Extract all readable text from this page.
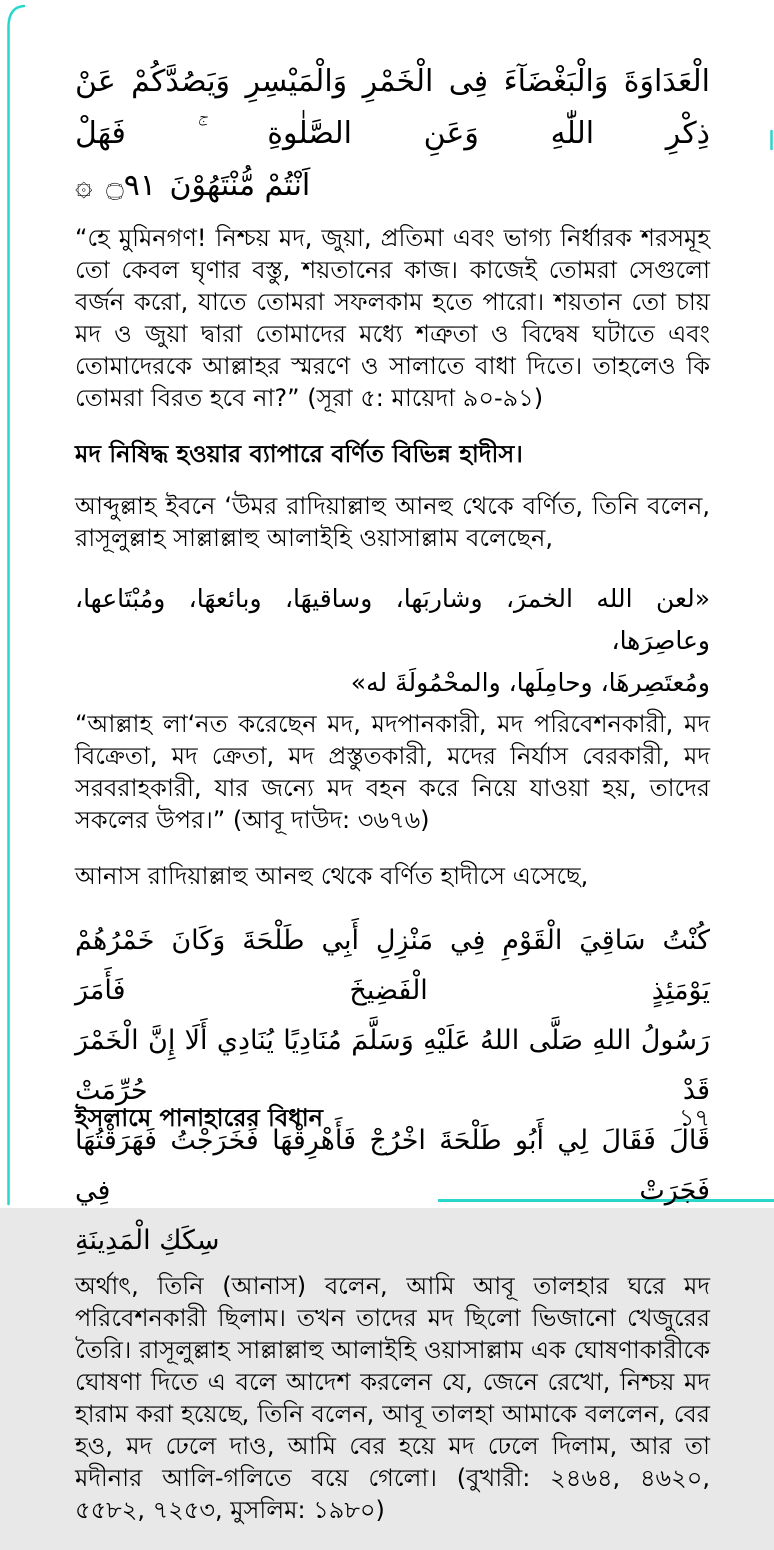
الْعَدَاوَةَ وَالْبَغْضَآءَ فِى الْخَمْرِ وَالْمَيْسِرِ وَيَصُدَّكُمْ عَنْ ذِكْرِ اللّٰهِ وَعَنِ الصَّلٰوةِ ۚ فَهَلْ
اَنْتُمْ مُّنْتَهُوْنَ ۝٩١ ۞

“হে মুমিনগণ! নিশ্চয় মদ, জুয়া, প্রতিমা এবং ভাগ্য নির্ধারক শরসমূহ তো কেবল ঘৃণার বস্তু, শয়তানের কাজ। কাজেই তোমরা সেগুলো বর্জন করো, যাতে তোমরা সফলকাম হতে পারো। শয়তান তো চায় মদ ও জুয়া দ্বারা তোমাদের মধ্যে শত্রুতা ও বিদ্বেষ ঘটাতে এবং তোমাদেরকে আল্লাহর স্মরণে ও সালাতে বাধা দিতে। তাহলেও কি তোমরা বিরত হবে না?” (সূরা ৫: মায়েদা ৯০-৯১)

মদ নিষিদ্ধ হওয়ার ব্যাপারে বর্ণিত বিভিন্ন হাদীস।

আব্দুল্লাহ ইবনে ‘উমর রাদিয়াল্লাহু আনহু থেকে বর্ণিত, তিনি বলেন, রাসূলুল্লাহ সাল্লাল্লাহু আলাইহি ওয়াসাল্লাম বলেছেন,

«لعن الله الخمرَ، وشاربَها، وساقيهَا، وبائعهَا، ومُبْتَاعها، وعاصِرَها،
ومُعتَصِرهَا، وحامِلَها، والمحْمُولَةَ له»

“আল্লাহ লা‘নত করেছেন মদ, মদপানকারী, মদ পরিবেশনকারী, মদ বিক্রেতা, মদ ক্রেতা, মদ প্রস্তুতকারী, মদের নির্যাস বেরকারী, মদ সরবরাহকারী, যার জন্যে মদ বহন করে নিয়ে যাওয়া হয়, তাদের সকলের উপর।” (আবূ দাউদ: ৩৬৭৬)

আনাস রাদিয়াল্লাহু আনহু থেকে বর্ণিত হাদীসে এসেছে,

كُنْتُ سَاقِيَ الْقَوْمِ فِي مَنْزِلِ أَبِي طَلْحَةَ وَكَانَ خَمْرُهُمْ يَوْمَئِذٍ الْفَضِيخَ فَأَمَرَ
رَسُولُ اللهِ صَلَّى اللهُ عَلَيْهِ وَسَلَّمَ مُنَادِيًا يُنَادِي أَلَا إِنَّ الْخَمْرَ قَدْ حُرِّمَتْ
قَالَ فَقَالَ لِي أَبُو طَلْحَةَ اخْرُجْ فَأَهْرِقْهَا فَخَرَجْتُ فَهَرَقْتُهَا فَجَرَتْ فِي
سِكَكِ الْمَدِينَةِ

অর্থাৎ, তিনি (আনাস) বলেন, আমি আবূ তালহার ঘরে মদ পরিবেশনকারী ছিলাম। তখন তাদের মদ ছিলো ভিজানো খেজুরের তৈরি। রাসূলুল্লাহ সাল্লাল্লাহু আলাইহি ওয়াসাল্লাম এক ঘোষণাকারীকে ঘোষণা দিতে এ বলে আদেশ করলেন যে, জেনে রেখো, নিশ্চয় মদ হারাম করা হয়েছে, তিনি বলেন, আবূ তালহা আমাকে বললেন, বের হও, মদ ঢেলে দাও, আমি বের হয়ে মদ ঢেলে দিলাম, আর তা মদীনার আলি-গলিতে বয়ে গেলো। (বুখারী: ২৪৬৪, ৪৬২০, ৫৫৮২, ৭২৫৩, মুসলিম: ১৯৮০)

ইসলামে পানাহারের বিধান	১৭
